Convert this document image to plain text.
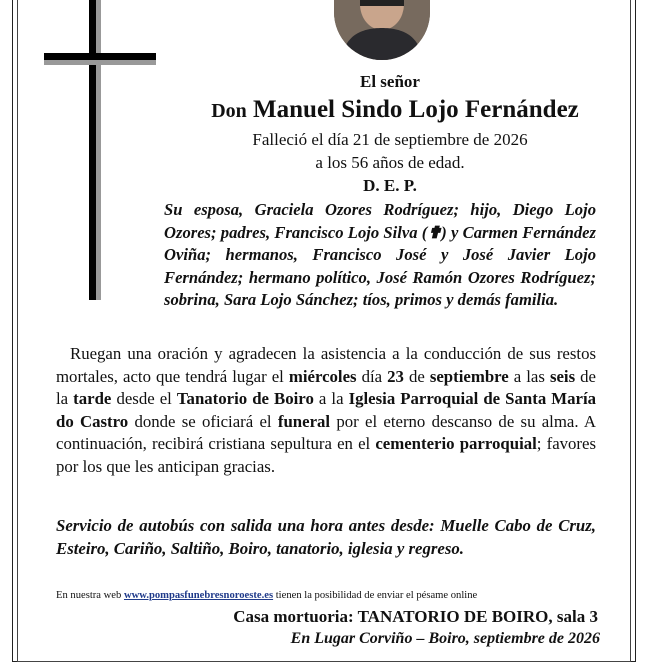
El señor
Don Manuel Sindo Lojo Fernández
Falleció el día 21 de septiembre de 2026
a los 56 años de edad.
D. E. P.
Su esposa, Graciela Ozores Rodríguez; hijo, Diego Lojo Ozores; padres, Francisco Lojo Silva (✟) y Carmen Fernández Oviña; hermanos, Francisco José y José Javier Lojo Fernández; hermano político, José Ramón Ozores Rodríguez; sobrina, Sara Lojo Sánchez; tíos, primos y demás familia.
Ruegan una oración y agradecen la asistencia a la conducción de sus restos mortales, acto que tendrá lugar el miércoles día 23 de septiembre a las seis de la tarde desde el Tanatorio de Boiro a la Iglesia Parroquial de Santa María do Castro donde se oficiará el funeral por el eterno descanso de su alma. A continuación, recibirá cristiana sepultura en el cementerio parroquial; favores por los que les anticipan gracias.
Servicio de autobús con salida una hora antes desde: Muelle Cabo de Cruz, Esteiro, Cariño, Saltiño, Boiro, tanatorio, iglesia y regreso.
En nuestra web www.pompasfunebresnoroeste.es tienen la posibilidad de enviar el pésame online
Casa mortuoria: TANATORIO DE BOIRO, sala 3
En Lugar Corviño – Boiro, septiembre de 2026
